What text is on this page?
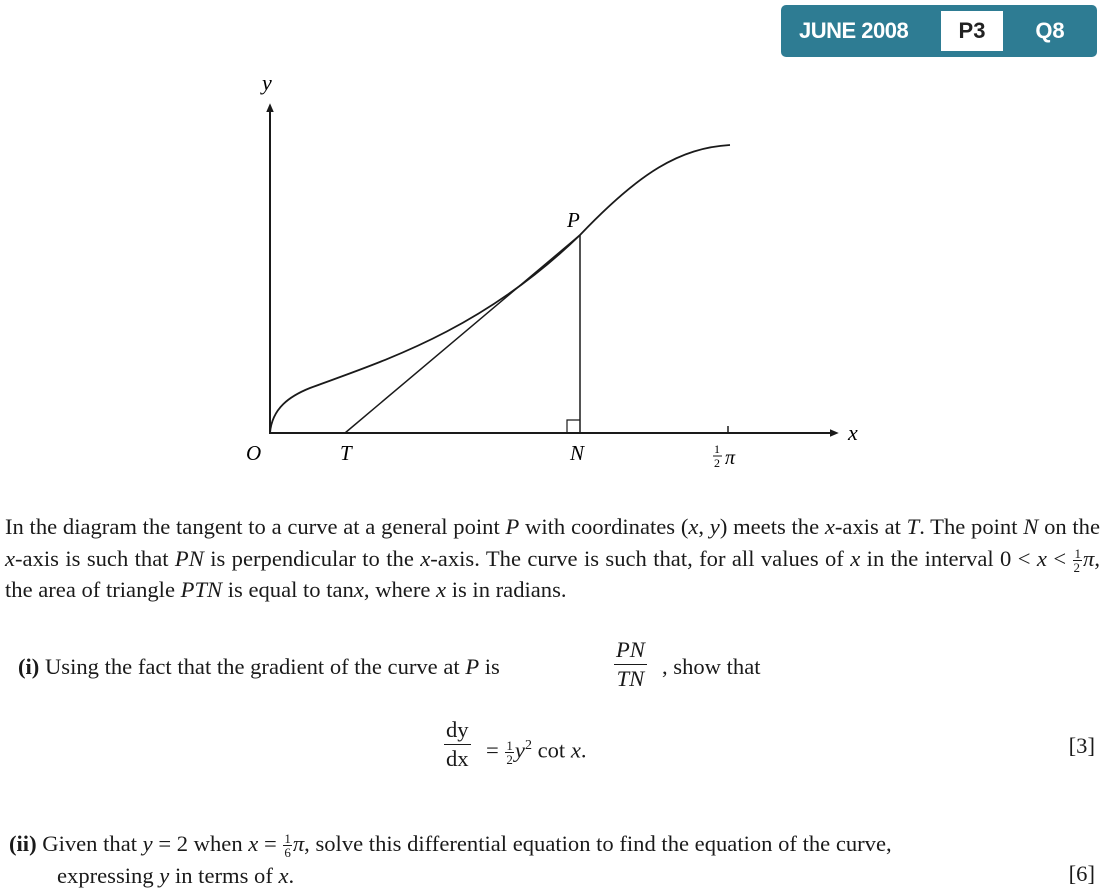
JUNE 2008	P3	Q8
y
x
O	T	N
P
1
2 π
In the diagram the tangent to a curve at a general point P with coordinates (x, y) meets the x-axis at T. The point N on the x-axis is such that PN is perpendicular to the x-axis. The curve is such that, for all values of x in the interval $0 < x < \frac{1}{2} \pi$, the area of triangle PTN is equal to tanx, where x is in radians.
(i) Using the fact that the gradient of the curve at P is
PN
TN , show that
dy
dx = $\frac{1}{2} y^2$ cot x.	[3]
(ii) Given that y = 2 when $x = \frac{1}{6} \pi$, solve this differential equation to find the equation of the curve,
expressing y in terms of x.	[6]
